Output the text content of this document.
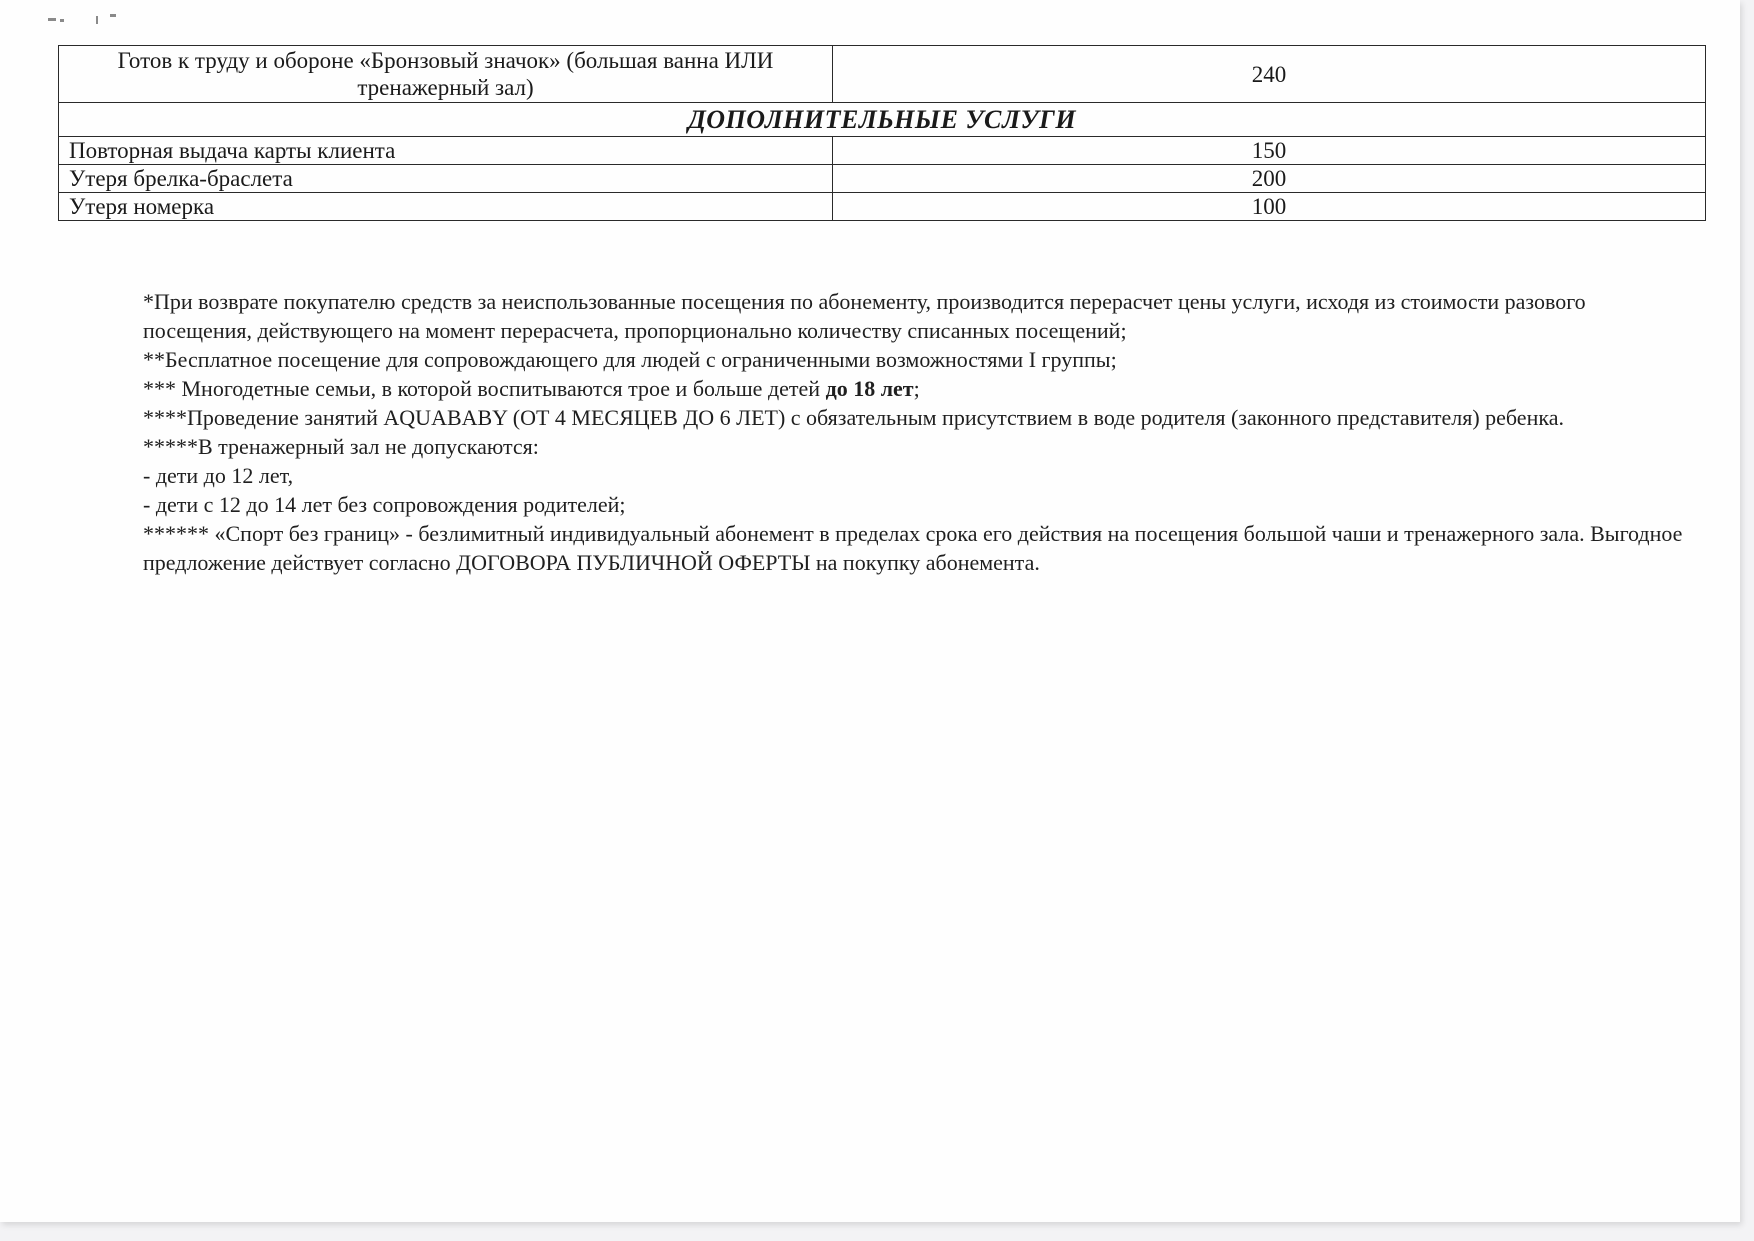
Готов к труду и обороне «Бронзовый значок» (большая ванна ИЛИ тренажерный зал)	240
ДОПОЛНИТЕЛЬНЫЕ УСЛУГИ	
Повторная выдача карты клиента	150
Утеря брелка-браслета	200
Утеря номерка	100

*При возврате покупателю средств за неиспользованные посещения по абонементу, производится перерасчет цены услуги, исходя из стоимости разового посещения, действующего на момент перерасчета, пропорционально количеству списанных посещений;

**Бесплатное посещение для сопровождающего для людей с ограниченными возможностями I группы;

*** Многодетные семьи, в которой воспитываются трое и больше детей до 18 лет;

****Проведение занятий AQUABABY (ОТ 4 МЕСЯЦЕВ ДО 6 ЛЕТ) с обязательным присутствием в воде родителя (законного представителя) ребенка.

*****В тренажерный зал не допускаются:

- дети до 12 лет,

- дети с 12 до 14 лет без сопровождения родителей;

****** «Спорт без границ» - безлимитный индивидуальный абонемент в пределах срока его действия на посещения большой чаши и тренажерного зала. Выгодное предложение действует согласно ДОГОВОРА ПУБЛИЧНОЙ ОФЕРТЫ на покупку абонемента.
